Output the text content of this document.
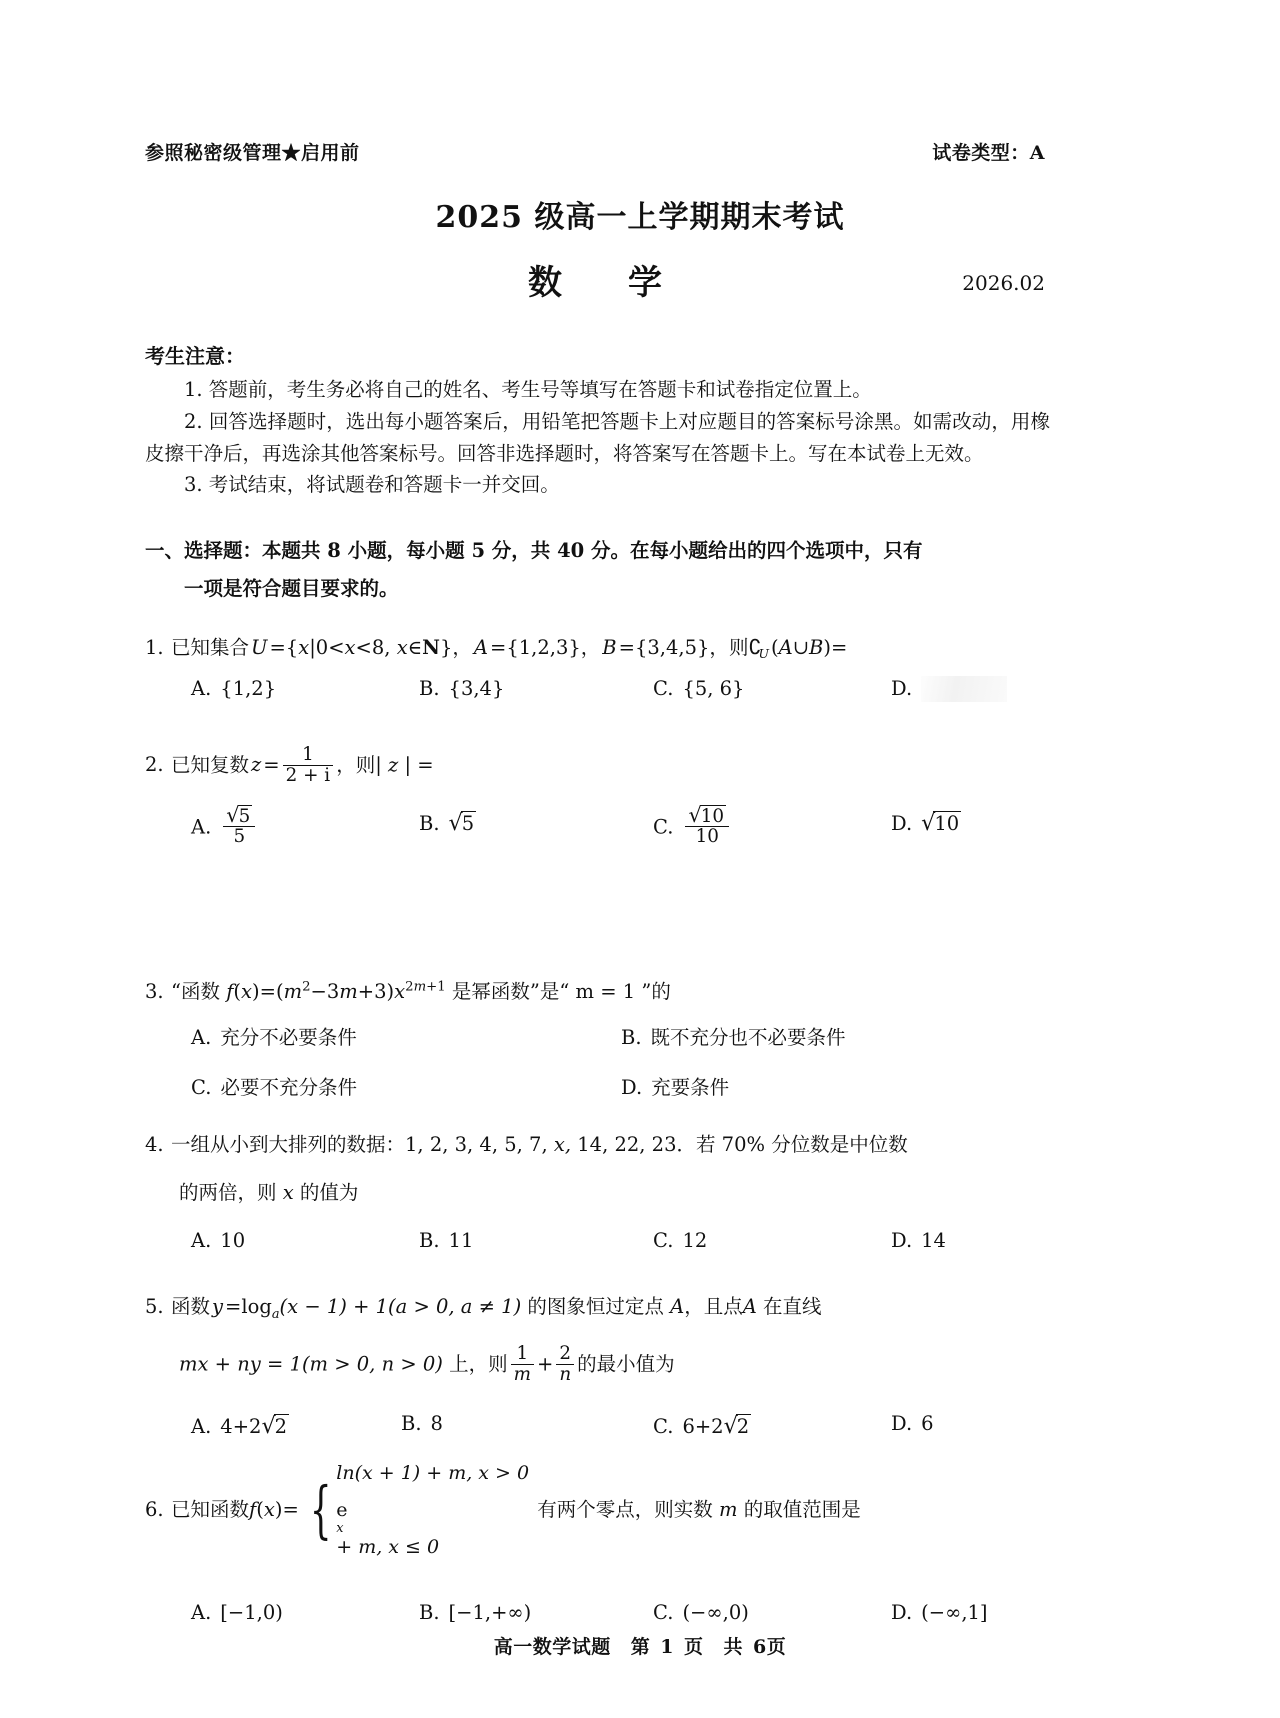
参照秘密级管理★启用前	试卷类型：A
2025 级高一上学期期末考试
数　学	2026.02
考生注意：
1. 答题前，考生务必将自己的姓名、考生号等填写在答题卡和试卷指定位置上。
2. 回答选择题时，选出每小题答案后，用铅笔把答题卡上对应题目的答案标号涂黑。如需改动，用橡皮擦干净后，再选涂其他答案标号。回答非选择题时，将答案写在答题卡上。写在本试卷上无效。
3. 考试结束，将试题卷和答题卡一并交回。
一、选择题：本题共 8 小题，每小题 5 分，共 40 分。在每小题给出的四个选项中，只有
一项是符合题目要求的。
1. 已知集合 U ={x|0<x<8, x∈N}， A ={1,2,3}， B ={3,4,5}，则$∁_U$ (A∪B)=
A. {1,2}	B. {3,4}	C. {5, 6}	D.
2. 已知复数 $z = \frac{1}{2 + i}$ ，则| z | =
A. $\frac{√5}{5}$	B. √5	C. $\frac{√10}{10}$	D. √10
3. “函数 $f(x)=(m^2-3m+3)x^{2m+1}$ 是幂函数”是“ m = 1 ”的
A. 充分不必要条件	B. 既不充分也不必要条件
C. 必要不充分条件	D. 充要条件
4. 一组从小到大排列的数据：1, 2, 3, 4, 5, 7, x, 14, 22, 23．若 70% 分位数是中位数
的两倍，则 x 的值为
A. 10	B. 11	C. 12	D. 14
5. 函数 $y =\log_a(x - 1) + 1(a > 0$, a ≠ 1) 的图象恒过定点 A，且点A 在直线
mx + ny = 1(m > 0, n > 0) 上，则 $\frac{1}{m} + \frac{2}{n}$ 的最小值为
A. 4+2√2	B. 8	C. 6+2√2	D. 6
6. 已知函数f(x)= {
ln(x + 1) + m, x > 0
e
x
+ m, x ≤ 0
有两个零点，则实数 m 的取值范围是
A. [−1,0)	B. [−1,+∞)	C. (−∞,0)	D. (−∞,1]
高一数学试题 第 1 页 共 6页
